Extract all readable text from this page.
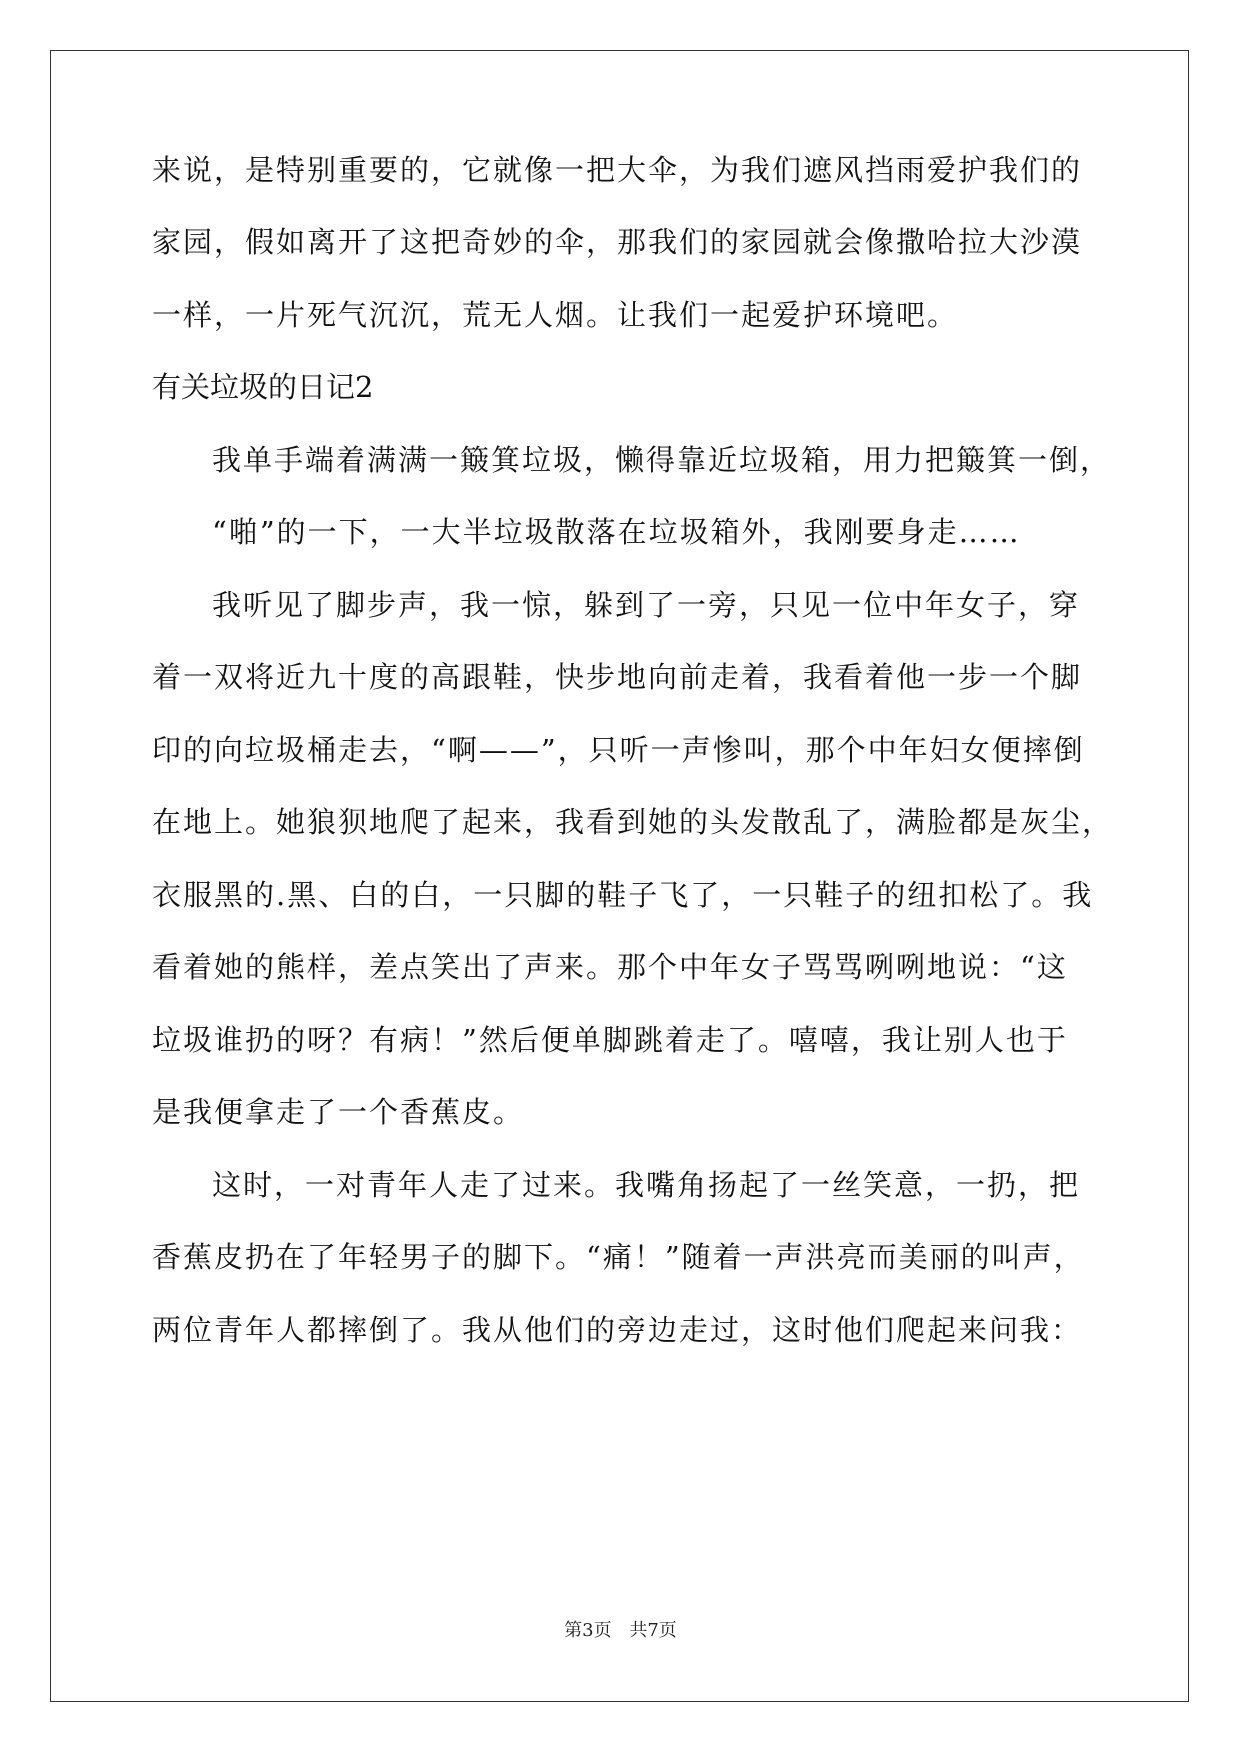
来说，是特别重要的，它就像一把大伞，为我们遮风挡雨爱护我们的
家园，假如离开了这把奇妙的伞，那我们的家园就会像撒哈拉大沙漠
一样，一片死气沉沉，荒无人烟。让我们一起爱护环境吧。
有关垃圾的日记2
我单手端着满满一簸箕垃圾，懒得靠近垃圾箱，用力把簸箕一倒，
“啪”的一下，一大半垃圾散落在垃圾箱外，我刚要身走……
我听见了脚步声，我一惊，躲到了一旁，只见一位中年女子，穿
着一双将近九十度的高跟鞋，快步地向前走着，我看着他一步一个脚
印的向垃圾桶走去，“啊——”，只听一声惨叫，那个中年妇女便摔倒
在地上。她狼狈地爬了起来，我看到她的头发散乱了，满脸都是灰尘，
衣服黑的.黑、白的白，一只脚的鞋子飞了，一只鞋子的纽扣松了。我
看着她的熊样，差点笑出了声来。那个中年女子骂骂咧咧地说：“这
垃圾谁扔的呀？有病！”然后便单脚跳着走了。嘻嘻，我让别人也于
是我便拿走了一个香蕉皮。
这时，一对青年人走了过来。我嘴角扬起了一丝笑意，一扔，把
香蕉皮扔在了年轻男子的脚下。“痛！”随着一声洪亮而美丽的叫声，
两位青年人都摔倒了。我从他们的旁边走过，这时他们爬起来问我：
第3页 共7页
